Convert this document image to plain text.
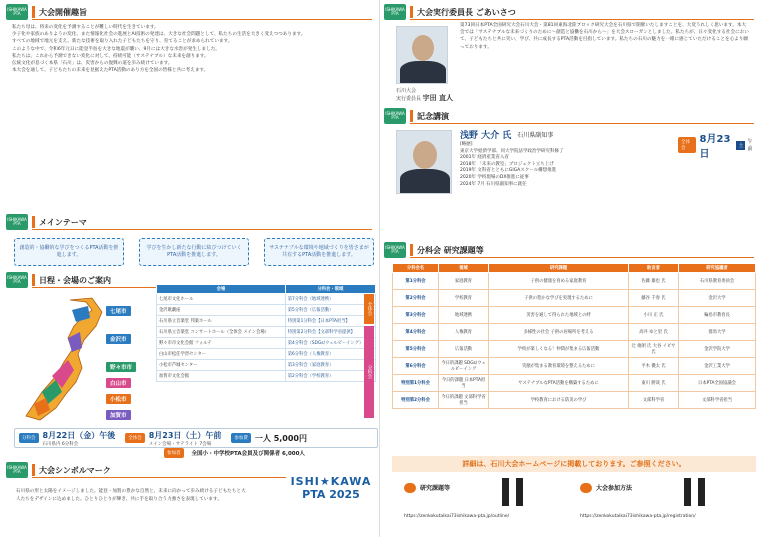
ISHIKAWA PTA	大会開催趣旨

私たち母は、将来の変化を予測することが難しい時代を生きています。

少子化や家族のありようの変化、また情報化社会の進展とAI技術の発達は、大きな社会問題として、私たちの生活を大きく変えつつあります。

すべての地域で地元を支え、新たな技術を取り入れた子どもたちを守り、育てることが求められています。

このような中で、令和6年元日に能登半島を大きな地震が襲い、9月には大きな水害が発生しました。

私たちは、これから予測できない変化に対して、持続可能（サステナブル）な未来を創ります。

伝統文化が息づく本県「石川」は、災害からの復興の道を歩み続けています。

本大会を通して、子どもたちの未来を見据えたPTA活動のあり方を全国の皆様と共に考えます。

ISHIKAWA PTA	メインテーマ
創造的・協働的な学びをつくるPTA活動を推進します。
学びを生かし新たな行動に結びつけていくPTA活動を推進します。
サステナブルな環境や地域づくりを皆さまが共有するPTA活動を推進します。
ISHIKAWA PTA	日程・会場のご案内
七尾市
金沢市
野々市市
白山市
小松市
加賀市
会場	分科会・領域
七尾市文化ホール	第7分科会（地域連携）
金沢歌劇座	第5分科会（広報活動）
石川県立音楽堂 邦楽ホール	特別第1分科会【日本PTA担当】
石川県立音楽堂 コンサートホール（全体会 メイン会場）	特別第2分科会【文部科学省提供】
野々市市文化会館 フォルテ	第4分科会（SDGs/ウェルビーイング）
白山市松任学習センター	第6分科会（人権教育）
小松市芦城センター	第3分科会（家庭教育）
加賀市文化会館	第2分科会（学校教育）
全体会
分科会
分科会 8月22日（金）午後
石川県内 6分科会
全体会 8月23日（土）午前
メイン会場・サテライト 7会場
参加費 一人 5,000円
参加者	全国小・中学校PTA会員及び関係者 6,000人
ISHIKAWA PTA	大会シンボルマーク
石川県の形と太陽をイメージしました。能登・加賀の豊かな自然と、未来に向かって歩み続ける子どもたちと大人たちをデザインに込めました。ひとりひとりが輝き、共に手を取り合う力強さを表現しています。
ISHI★KAWA
PTA 2025
ISHIKAWA PTA	大会実行委員長 ごあいさつ

石川大会

実行委員長 宇田 直人

第73回日本PTA全国研究大会石川大会・第81回東海北陸ブロック研究大会を石川県で開催いたしますことを、大変うれしく思います。本大会では「サステナブルな未来づくりのために～創造と協働を石川から～」を大会スローガンとしました。私たちが、日々変化する社会において、子どもたちと共に笑い、学び、共に成長するPTA活動を目指しています。私たちの石川の魅力を一緒に感じていただけることを心より願っております。
ISHIKAWA PTA	記念講演
浅野 大介 氏 石川県副知事
全体会
8月23日
土
午前

[略歴]

東京大学経済学部、同大学院法学政治学研究科修了

2001年 経済産業省入省

2018年 「未来の教室」プロジェクト立ち上げ

2019年 文科省とともにGIGAスクール構想推進

2020年 学校現場のDX推進に従事

2024年 7月 石川県副知事に就任

ISHIKAWA PTA	分科会 研究課題等
分科会名	領域	研究課題	助言者	研究協議者
第1分科会	家庭教育	子供の健康を育める家庭教育	佐藤 雄也 氏	石川県教育委員会
第2分科会	学校教育	子供の豊かな学びを実現するために	藤谷 千春 氏	金沢大学
第3分科会	地域連携	災害を通して得られた地域との絆	小川 正 氏	輪島市教育長
第4分科会	人権教育	多様性の社会 子供の居場所を考える	高井 ゆと里 氏	群馬大学
第5分科会	広報活動	学校が楽しくなる！仲間が集まる広報活動	辻 俊朗 氏 大谷 イビサ 氏	金沢学院大学
第6分科会	今日的課題 SDGs/ウェルビーイング	笑顔が集まる教育環境を整えるために	平木 優太 氏	金沢工業大学
特別第1分科会	今日的課題 日本PTA担当	サステナブルなPTA活動を構築するために	東川 勝哉 氏	日本PTA全国協議会
特別第2分科会	今日的課題 文部科学省担当	学校教育における防災の学び	文部科学省	文部科学省担当
詳細は、石川大会ホームページに掲載しております。ご参照ください。
研究課題等
https://zenkokutaikai73ishikawa-pta.jp/outline/
大会参加方法
https://zenkokutaikai73ishikawa-pta.jp/registration/
